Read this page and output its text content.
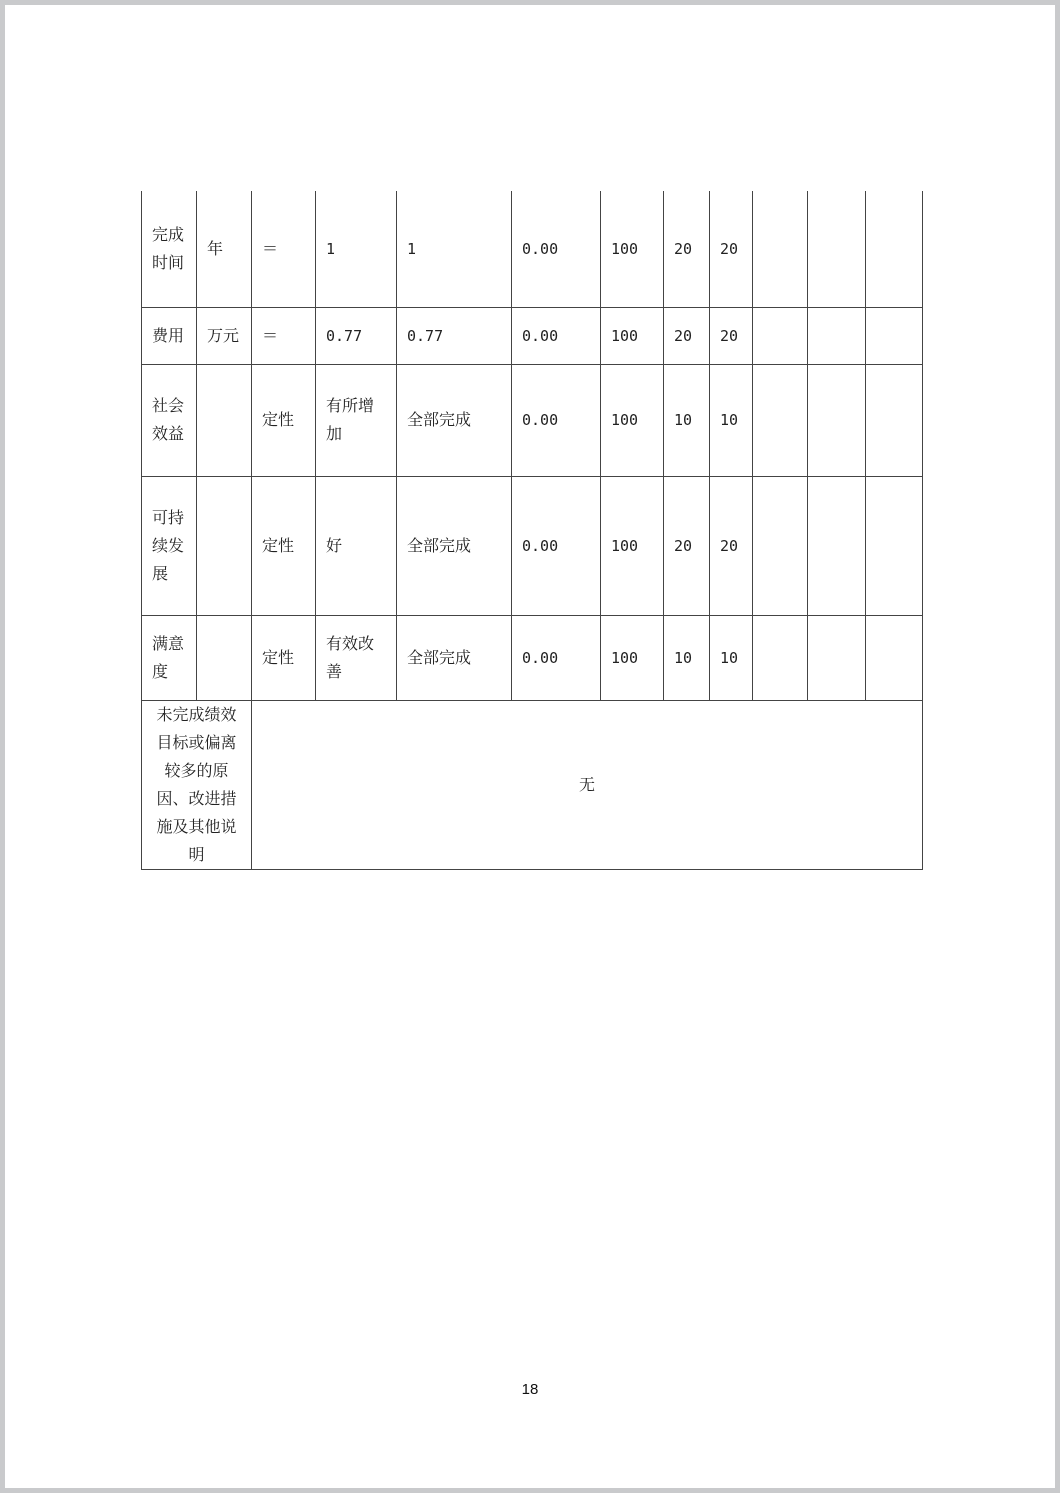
完成时间	年	＝	1	1	0.00	100	20	20			
费用	万元	＝	0.77	0.77	0.00	100	20	20			
社会效益		定性	有所增加	全部完成	0.00	100	10	10			
可持续发展		定性	好	全部完成	0.00	100	20	20			
满意度		定性	有效改善	全部完成	0.00	100	10	10			
未完成绩效目标或偏离较多的原因、改进措施及其他说明		无									
18
